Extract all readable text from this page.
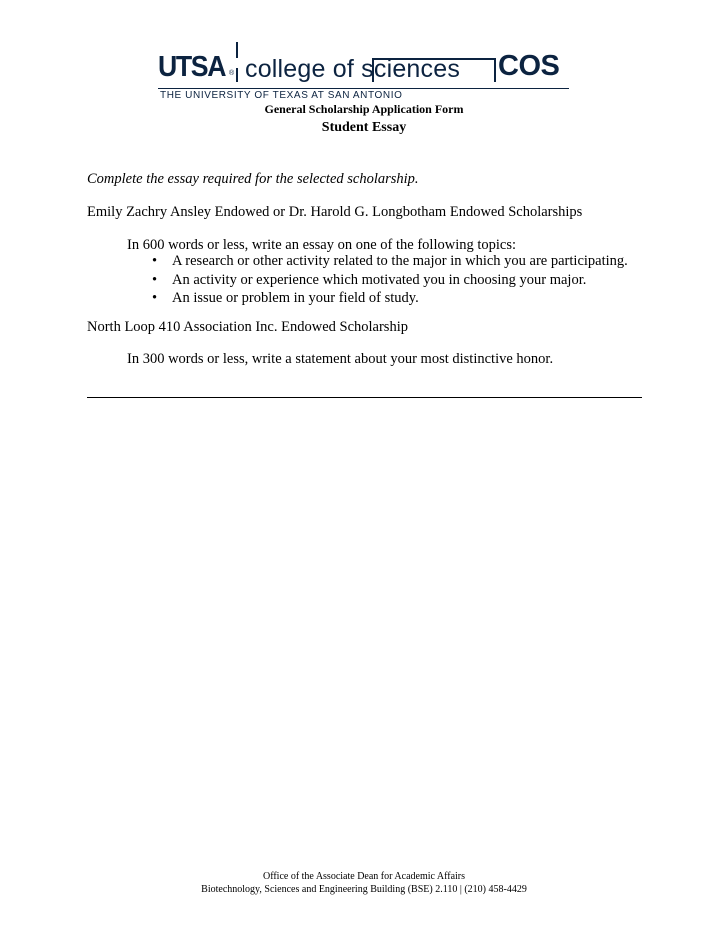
UTSA ® college of sciences COS
THE UNIVERSITY OF TEXAS AT SAN ANTONIO
General Scholarship Application Form
Student Essay
Complete the essay required for the selected scholarship.
Emily Zachry Ansley Endowed or Dr. Harold G. Longbotham Endowed Scholarships
In 600 words or less, write an essay on one of the following topics:
• A research or other activity related to the major in which you are participating.
• An activity or experience which motivated you in choosing your major.
• An issue or problem in your field of study.
North Loop 410 Association Inc. Endowed Scholarship
In 300 words or less, write a statement about your most distinctive honor.
Office of the Associate Dean for Academic Affairs
Biotechnology, Sciences and Engineering Building (BSE) 2.110 | (210) 458-4429
